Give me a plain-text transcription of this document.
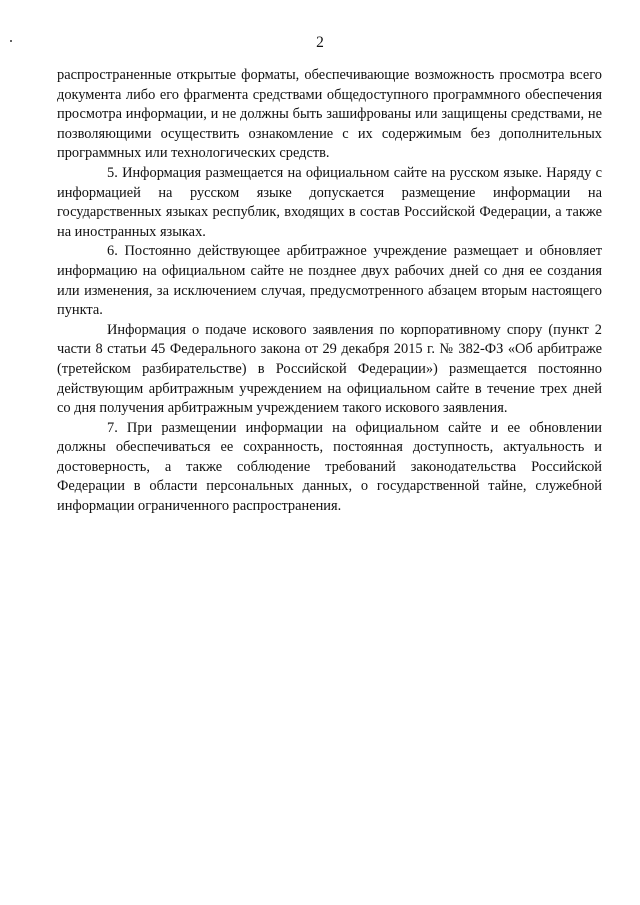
2

распространенные открытые форматы, обеспечивающие возможность просмотра всего документа либо его фрагмента средствами общедоступного программного обеспечения просмотра информации, и не должны быть зашифрованы или защищены средствами, не позволяющими осуществить ознакомление с их содержимым без дополнительных программных или технологических средств.

5. Информация размещается на официальном сайте на русском языке. Наряду с информацией на русском языке допускается размещение информации на государственных языках республик, входящих в состав Российской Федерации, а также на иностранных языках.

6. Постоянно действующее арбитражное учреждение размещает и обновляет информацию на официальном сайте не позднее двух рабочих дней со дня ее создания или изменения, за исключением случая, предусмотренного абзацем вторым настоящего пункта.

Информация о подаче искового заявления по корпоративному спору (пункт 2 части 8 статьи 45 Федерального закона от 29 декабря 2015 г. № 382-ФЗ «Об арбитраже (третейском разбирательстве) в Российской Федерации») размещается постоянно действующим арбитражным учреждением на официальном сайте в течение трех дней со дня получения арбитражным учреждением такого искового заявления.

7. При размещении информации на официальном сайте и ее обновлении должны обеспечиваться ее сохранность, постоянная доступность, актуальность и достоверность, а также соблюдение требований законодательства Российской Федерации в области персональных данных, о государственной тайне, служебной информации ограниченного распространения.
